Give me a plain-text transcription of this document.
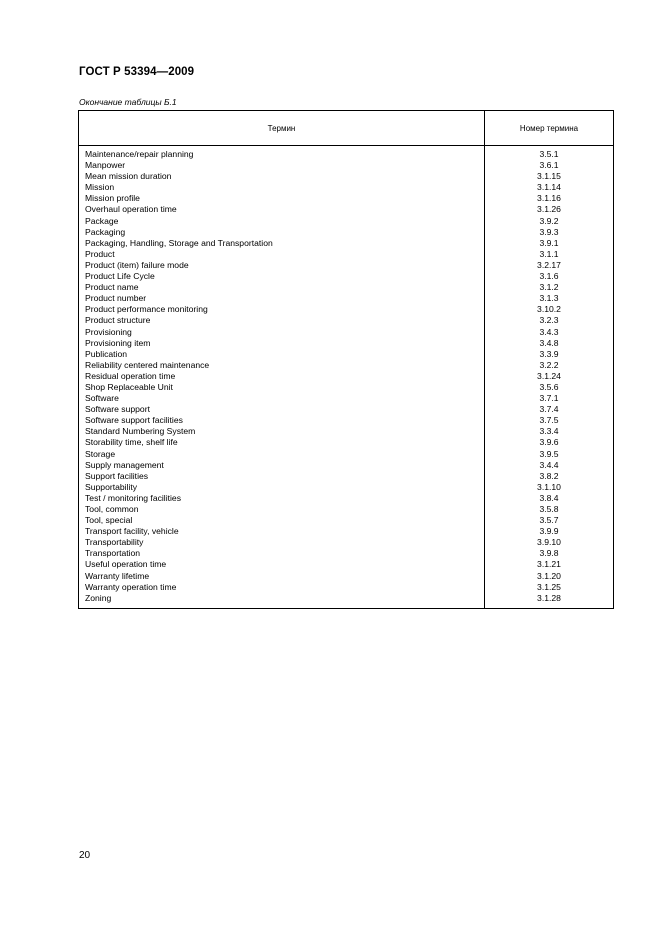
ГОСТ Р 53394—2009
Окончание таблицы Б.1
Термин	Номер термина
Maintenance/repair planning
Manpower
Mean mission duration
Mission
Mission profile
Overhaul operation time
Package
Packaging
Packaging, Handling, Storage and Transportation
Product
Product (item) failure mode
Product Life Cycle
Product name
Product number
Product performance monitoring
Product structure
Provisioning
Provisioning item
Publication
Reliability centered maintenance
Residual operation time
Shop Replaceable Unit
Software
Software support
Software support facilities
Standard Numbering System
Storability time, shelf life
Storage
Supply management
Support facilities
Supportability
Test / monitoring facilities
Tool, common
Tool, special
Transport facility, vehicle
Transportability
Transportation
Useful operation time
Warranty lifetime
Warranty operation time
Zoning
3.5.1
3.6.1
3.1.15
3.1.14
3.1.16
3.1.26
3.9.2
3.9.3
3.9.1
3.1.1
3.2.17
3.1.6
3.1.2
3.1.3
3.10.2
3.2.3
3.4.3
3.4.8
3.3.9
3.2.2
3.1.24
3.5.6
3.7.1
3.7.4
3.7.5
3.3.4
3.9.6
3.9.5
3.4.4
3.8.2
3.1.10
3.8.4
3.5.8
3.5.7
3.9.9
3.9.10
3.9.8
3.1.21
3.1.20
3.1.25
3.1.28
20
